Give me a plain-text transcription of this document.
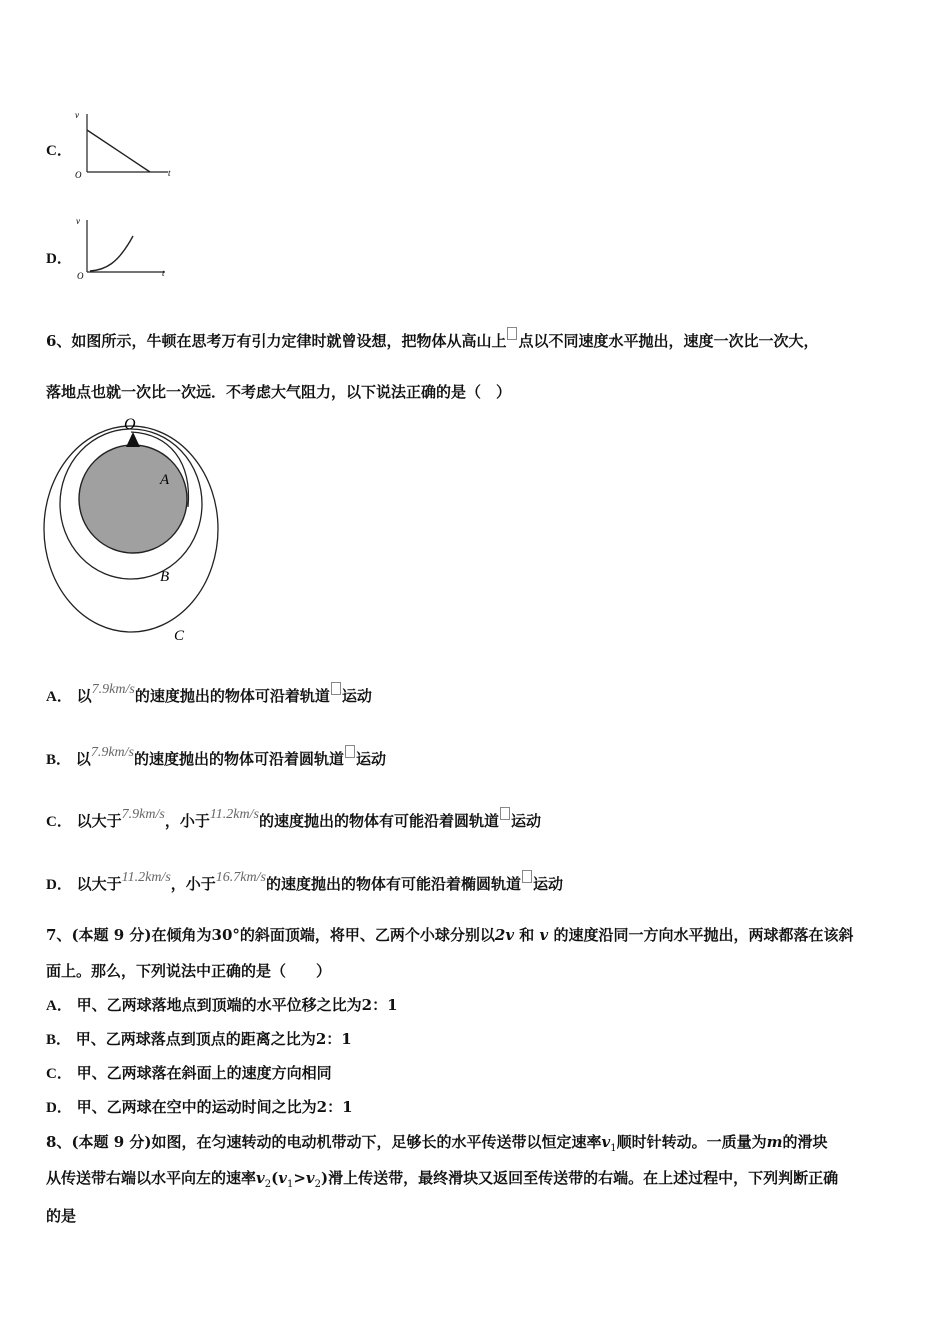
C．
v
t
O
D．
v
t
O
6、如图所示，牛顿在思考万有引力定律时就曾设想，把物体从高山上 点以不同速度水平抛出，速度一次比一次大，
落地点也就一次比一次远．不考虑大气阻力，以下说法正确的是（　）
O
A
B
C
A． 以7.9km/s的速度抛出的物体可沿着轨道 运动
B． 以7.9km/s的速度抛出的物体可沿着圆轨道 运动
C． 以大于7.9km/s，小于11.2km/s的速度抛出的物体有可能沿着圆轨道 运动
D． 以大于11.2km/s，小于16.7km/s的速度抛出的物体有可能沿着椭圆轨道 运动
7、(本题 9 分)在倾角为30°的斜面顶端，将甲、乙两个小球分别以2v 和 v 的速度沿同一方向水平抛出，两球都落在该斜
面上。那么，下列说法中正确的是（　　）
A． 甲、乙两球落地点到顶端的水平位移之比为2：1
B． 甲、乙两球落点到顶点的距离之比为2：1
C． 甲、乙两球落在斜面上的速度方向相同
D． 甲、乙两球在空中的运动时间之比为2：1
8、(本题 9 分)如图，在匀速转动的电动机带动下，足够长的水平传送带以恒定速率$v_1$顺时针转动。一质量为m的滑块
从传送带右端以水平向左的速率$v_2(v_1>v_2)$滑上传送带，最终滑块又返回至传送带的右端。在上述过程中，下列判断正确
的是
